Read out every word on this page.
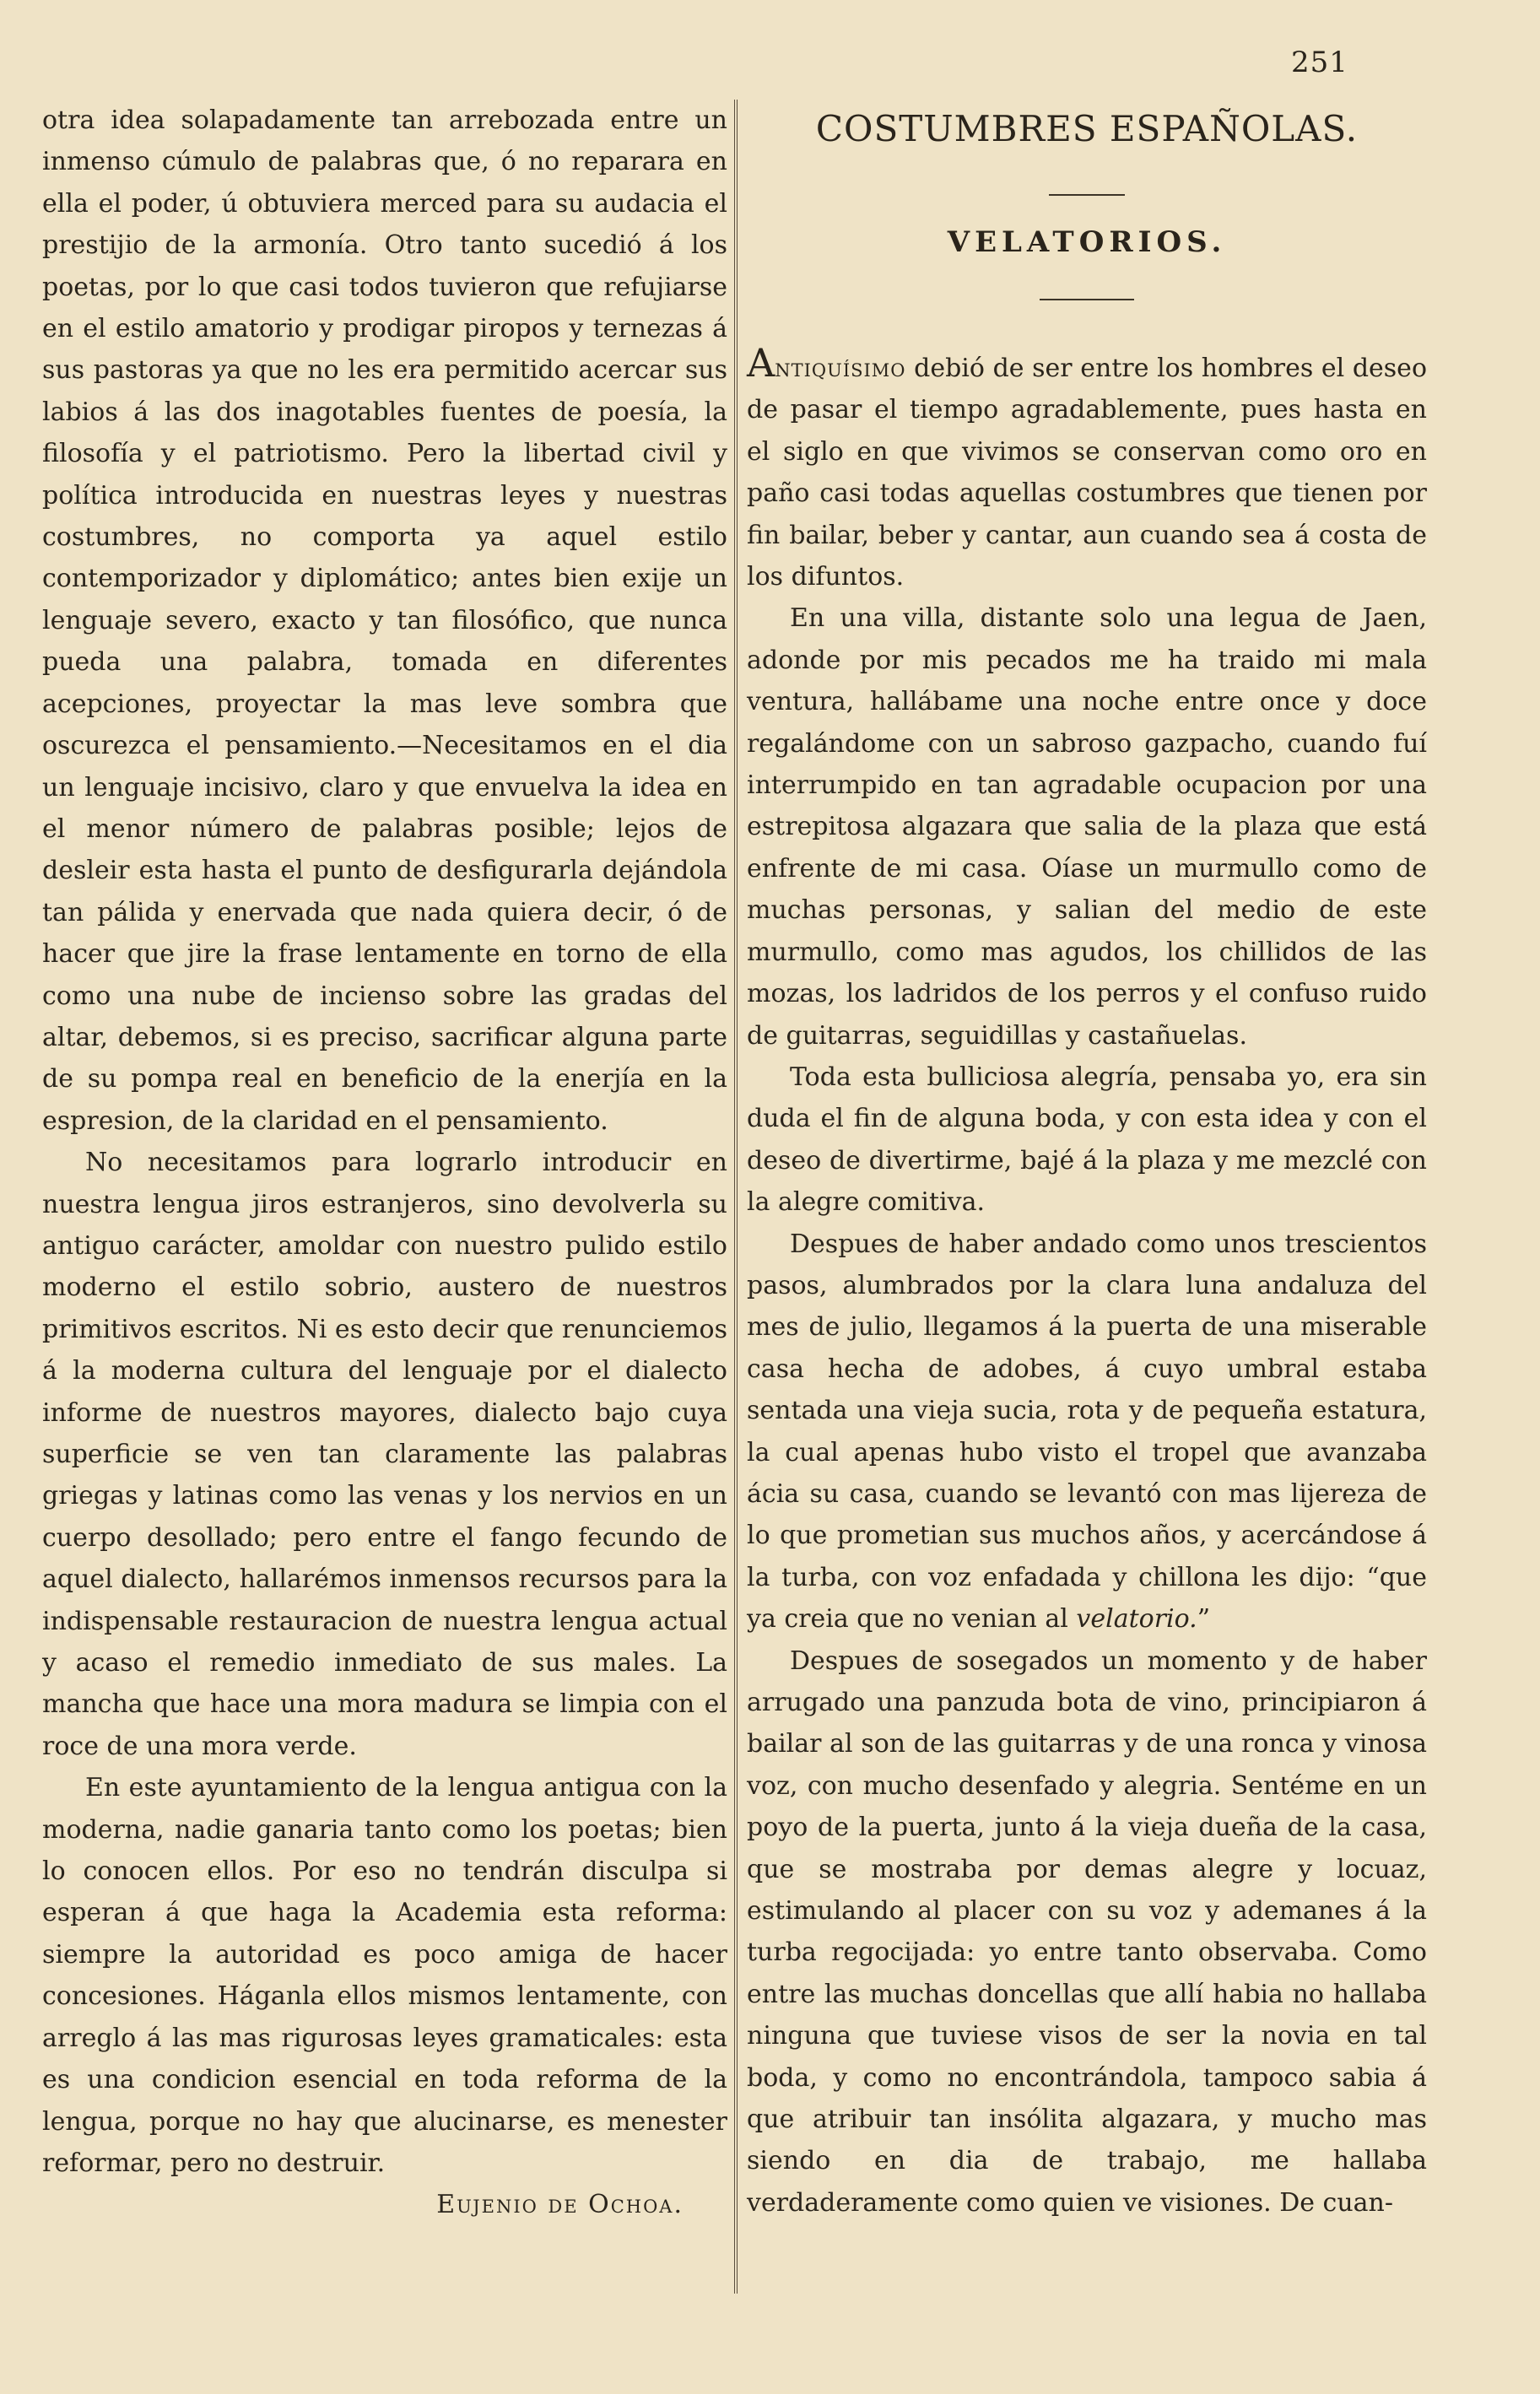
251

otra idea solapadamente tan arrebozada entre un inmenso cúmulo de palabras que, ó no reparara en ella el poder, ú obtuviera merced para su audacia el prestijio de la armonía. Otro tanto sucedió á los poetas, por lo que casi todos tuvieron que refujiarse en el estilo amatorio y prodigar piropos y ternezas á sus pastoras ya que no les era permitido acercar sus labios á las dos inagotables fuentes de poesía, la filosofía y el patriotismo. Pero la libertad civil y política introducida en nuestras leyes y nuestras costumbres, no comporta ya aquel estilo contemporizador y diplomático; antes bien exije un lenguaje severo, exacto y tan filosófico, que nunca pueda una palabra, tomada en diferentes acepciones, proyectar la mas leve sombra que oscurezca el pensamiento.—Necesitamos en el dia un lenguaje incisivo, claro y que envuelva la idea en el menor número de palabras posible; lejos de desleir esta hasta el punto de desfigurarla dejándola tan pálida y enervada que nada quiera decir, ó de hacer que jire la frase lentamente en torno de ella como una nube de incienso sobre las gradas del altar, debemos, si es preciso, sacrificar alguna parte de su pompa real en beneficio de la enerjía en la espresion, de la claridad en el pensamiento.

No necesitamos para lograrlo introducir en nuestra lengua jiros estranjeros, sino devolverla su antiguo carácter, amoldar con nuestro pulido estilo moderno el estilo sobrio, austero de nuestros primitivos escritos. Ni es esto decir que renunciemos á la moderna cultura del lenguaje por el dialecto informe de nuestros mayores, dialecto bajo cuya superficie se ven tan claramente las palabras griegas y latinas como las venas y los nervios en un cuerpo desollado; pero entre el fango fecundo de aquel dialecto, hallarémos inmensos recursos para la indispensable restauracion de nuestra lengua actual y acaso el remedio inmediato de sus males. La mancha que hace una mora madura se limpia con el roce de una mora verde.

En este ayuntamiento de la lengua antigua con la moderna, nadie ganaria tanto como los poetas; bien lo conocen ellos. Por eso no tendrán disculpa si esperan á que haga la Academia esta reforma: siempre la autoridad es poco amiga de hacer concesiones. Háganla ellos mismos lentamente, con arreglo á las mas rigurosas leyes gramaticales: esta es una condicion esencial en toda reforma de la lengua, porque no hay que alucinarse, es menester reformar, pero no destruir.

Eujenio de Ochoa.
COSTUMBRES ESPAÑOLAS.
VELATORIOS.

Antiquísimo debió de ser entre los hombres el deseo de pasar el tiempo agradablemente, pues hasta en el siglo en que vivimos se conservan como oro en paño casi todas aquellas costumbres que tienen por fin bailar, beber y cantar, aun cuando sea á costa de los difuntos.

En una villa, distante solo una legua de Jaen, adonde por mis pecados me ha traido mi mala ventura, hallábame una noche entre once y doce regalándome con un sabroso gazpacho, cuando fuí interrumpido en tan agradable ocupacion por una estrepitosa algazara que salia de la plaza que está enfrente de mi casa. Oíase un murmullo como de muchas personas, y salian del medio de este murmullo, como mas agudos, los chillidos de las mozas, los ladridos de los perros y el confuso ruido de guitarras, seguidillas y castañuelas.

Toda esta bulliciosa alegría, pensaba yo, era sin duda el fin de alguna boda, y con esta idea y con el deseo de divertirme, bajé á la plaza y me mezclé con la alegre comitiva.

Despues de haber andado como unos trescientos pasos, alumbrados por la clara luna andaluza del mes de julio, llegamos á la puerta de una miserable casa hecha de adobes, á cuyo umbral estaba sentada una vieja sucia, rota y de pequeña estatura, la cual apenas hubo visto el tropel que avanzaba ácia su casa, cuando se levantó con mas lijereza de lo que prometian sus muchos años, y acercándose á la turba, con voz enfadada y chillona les dijo: “que ya creia que no venian al velatorio.”

Despues de sosegados un momento y de haber arrugado una panzuda bota de vino, principiaron á bailar al son de las guitarras y de una ronca y vinosa voz, con mucho desenfado y alegria. Sentéme en un poyo de la puerta, junto á la vieja dueña de la casa, que se mostraba por demas alegre y locuaz, estimulando al placer con su voz y ademanes á la turba regocijada: yo entre tanto observaba. Como entre las muchas doncellas que allí habia no hallaba ninguna que tuviese visos de ser la novia en tal boda, y como no encontrándola, tampoco sabia á que atribuir tan insólita algazara, y mucho mas siendo en dia de trabajo, me hallaba verdaderamente como quien ve visiones. De cuan-
